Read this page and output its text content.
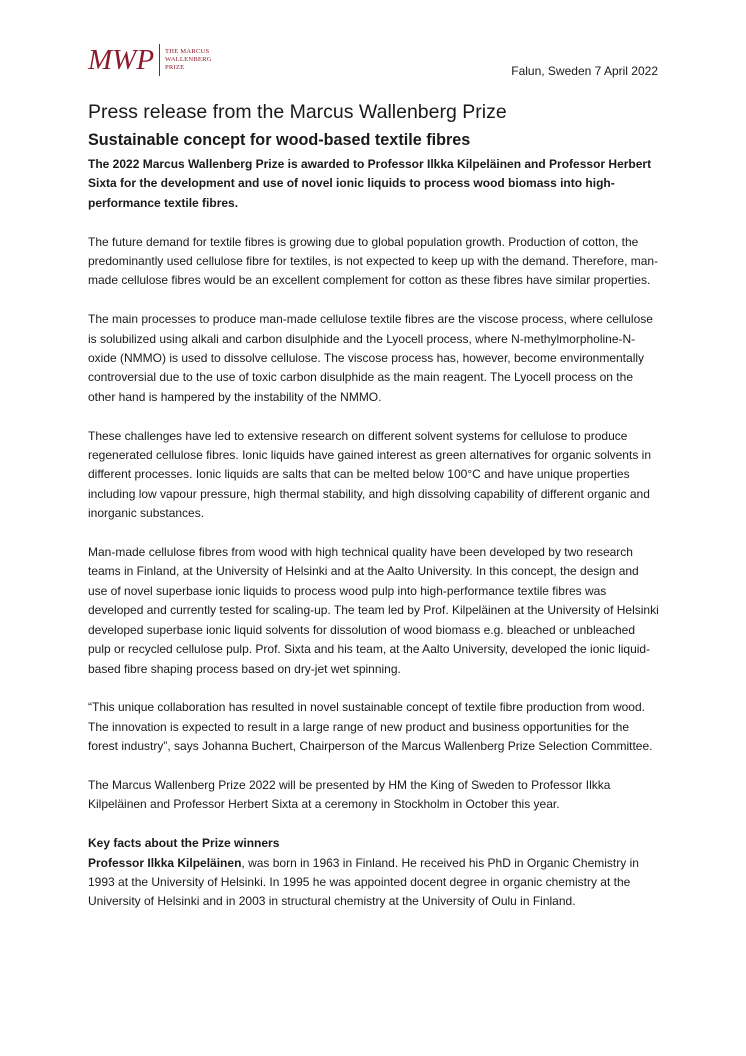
MWP THE MARCUS
WALLENBERG
PRIZE	Falun, Sweden 7 April 2022
Press release from the Marcus Wallenberg Prize
Sustainable concept for wood-based textile fibres

The 2022 Marcus Wallenberg Prize is awarded to Professor Ilkka Kilpeläinen and Professor Herbert Sixta for the development and use of novel ionic liquids to process wood biomass into high-performance textile fibres.

The future demand for textile fibres is growing due to global population growth. Production of cotton, the predominantly used cellulose fibre for textiles, is not expected to keep up with the demand. Therefore, man-made cellulose fibres would be an excellent complement for cotton as these fibres have similar properties.

The main processes to produce man-made cellulose textile fibres are the viscose process, where cellulose is solubilized using alkali and carbon disulphide and the Lyocell process, where N-methylmorpholine-N-oxide (NMMO) is used to dissolve cellulose. The viscose process has, however, become environmentally controversial due to the use of toxic carbon disulphide as the main reagent. The Lyocell process on the other hand is hampered by the instability of the NMMO.

These challenges have led to extensive research on different solvent systems for cellulose to produce regenerated cellulose fibres. Ionic liquids have gained interest as green alternatives for organic solvents in different processes. Ionic liquids are salts that can be melted below 100°C and have unique properties including low vapour pressure, high thermal stability, and high dissolving capability of different organic and inorganic substances.

Man-made cellulose fibres from wood with high technical quality have been developed by two research teams in Finland, at the University of Helsinki and at the Aalto University. In this concept, the design and use of novel superbase ionic liquids to process wood pulp into high-performance textile fibres was developed and currently tested for scaling-up. The team led by Prof. Kilpeläinen at the University of Helsinki developed superbase ionic liquid solvents for dissolution of wood biomass e.g. bleached or unbleached pulp or recycled cellulose pulp. Prof. Sixta and his team, at the Aalto University, developed the ionic liquid-based fibre shaping process based on dry-jet wet spinning.

“This unique collaboration has resulted in novel sustainable concept of textile fibre production from wood. The innovation is expected to result in a large range of new product and business opportunities for the forest industry”, says Johanna Buchert, Chairperson of the Marcus Wallenberg Prize Selection Committee.

The Marcus Wallenberg Prize 2022 will be presented by HM the King of Sweden to Professor Ilkka Kilpeläinen and Professor Herbert Sixta at a ceremony in Stockholm in October this year.

Key facts about the Prize winners

Professor Ilkka Kilpeläinen, was born in 1963 in Finland. He received his PhD in Organic Chemistry in 1993 at the University of Helsinki. In 1995 he was appointed docent degree in organic chemistry at the University of Helsinki and in 2003 in structural chemistry at the University of Oulu in Finland.
